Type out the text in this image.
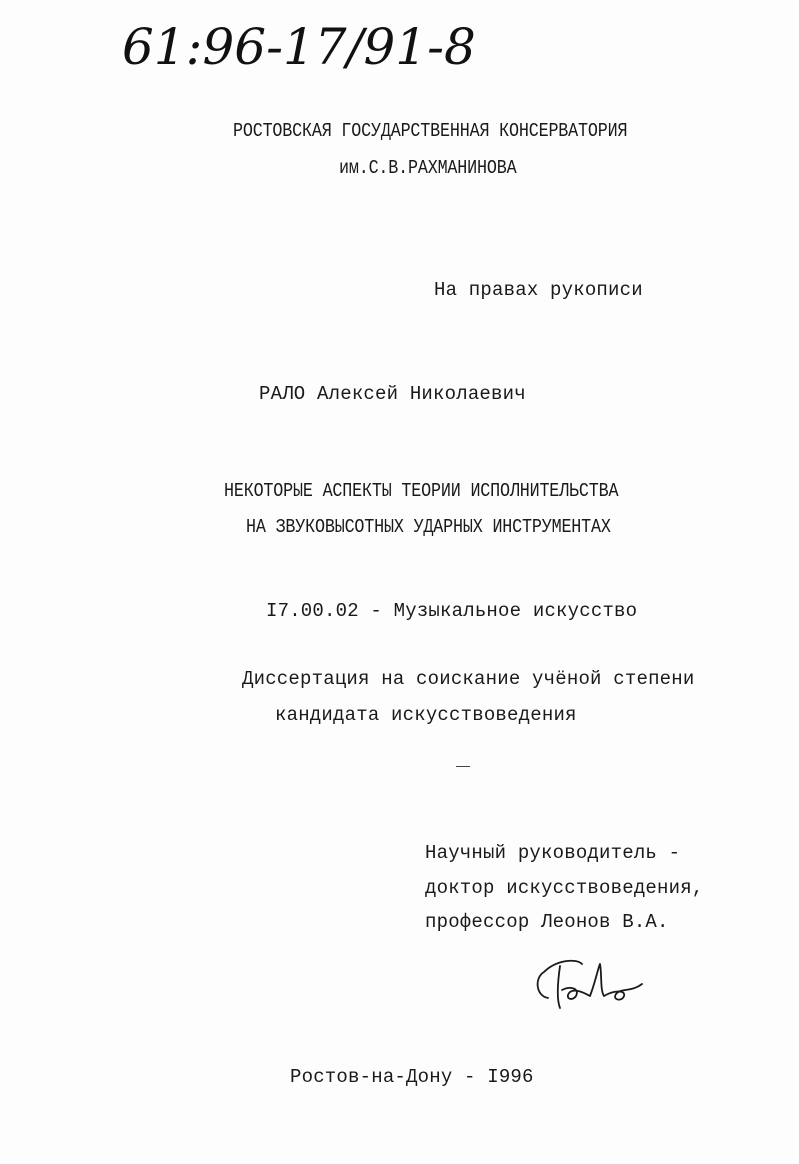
61:96-17/91-8
РОСТОВСКАЯ ГОСУДАРСТВЕННАЯ КОНСЕРВАТОРИЯ
им.С.В.РАХМАНИНОВА
На правах рукописи
РАЛО Алексей Николаевич
НЕКОТОРЫЕ АСПЕКТЫ ТЕОРИИ ИСПОЛНИТЕЛЬСТВА
НА ЗВУКОВЫСОТНЫХ УДАРНЫХ ИНСТРУМЕНТАХ
I7.00.02 - Музыкальное искусство
Диссертация на соискание учёной степени
кандидата искусствоведения
Научный руководитель -
доктор искусствоведения,
профессор Леонов В.А.
Ростов-на-Дону - I996
